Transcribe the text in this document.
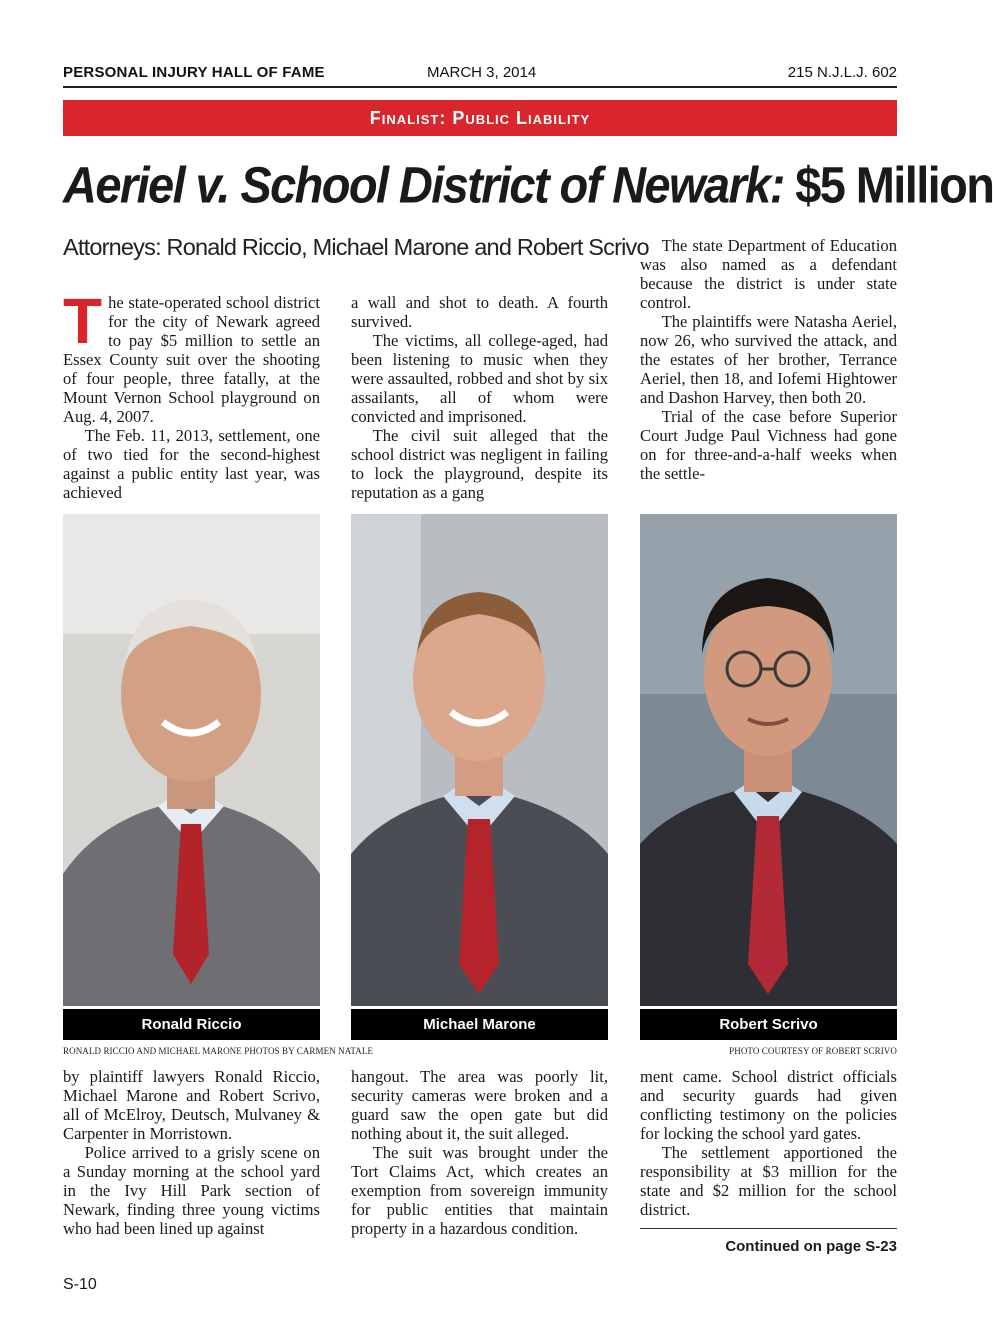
PERSONAL INJURY HALL OF FAME	MARCH 3, 2014	215 N.J.L.J. 602
Finalist: Public Liability
Aeriel v. School District of Newark: $5 Million
Attorneys: Ronald Riccio, Michael Marone and Robert Scrivo
T he state-operated school district for the city of Newark agreed to pay $5 million to settle an Essex County suit over the shooting of four people, three fatally, at the Mount Vernon School playground on Aug. 4, 2007.

The Feb. 11, 2013, settlement, one of two tied for the second-highest against a public entity last year, was achieved

a wall and shot to death. A fourth survived.

The victims, all college-aged, had been listening to music when they were assaulted, robbed and shot by six assailants, all of whom were convicted and imprisoned.

The civil suit alleged that the school district was negligent in failing to lock the playground, despite its reputation as a gang

The state Department of Education was also named as a defendant because the district is under state control.

The plaintiffs were Natasha Aeriel, now 26, who survived the attack, and the estates of her brother, Terrance Aeriel, then 18, and Iofemi Hightower and Dashon Harvey, then both 20.

Trial of the case before Superior Court Judge Paul Vichness had gone on for three-and-a-half weeks when the settle-

Ronald Riccio	Michael Marone	Robert Scrivo
RONALD RICCIO AND MICHAEL MARONE PHOTOS BY CARMEN NATALE	PHOTO COURTESY OF ROBERT SCRIVO

by plaintiff lawyers Ronald Riccio, Michael Marone and Robert Scrivo, all of McElroy, Deutsch, Mulvaney & Carpenter in Morristown.

Police arrived to a grisly scene on a Sunday morning at the school yard in the Ivy Hill Park section of Newark, finding three young victims who had been lined up against

hangout. The area was poorly lit, security cameras were broken and a guard saw the open gate but did nothing about it, the suit alleged.

The suit was brought under the Tort Claims Act, which creates an exemption from sovereign immunity for public entities that maintain property in a hazardous condition.

ment came. School district officials and security guards had given conflicting testimony on the policies for locking the school yard gates.

The settlement apportioned the responsibility at $3 million for the state and $2 million for the school district.

Continued on page S-23
S-10
